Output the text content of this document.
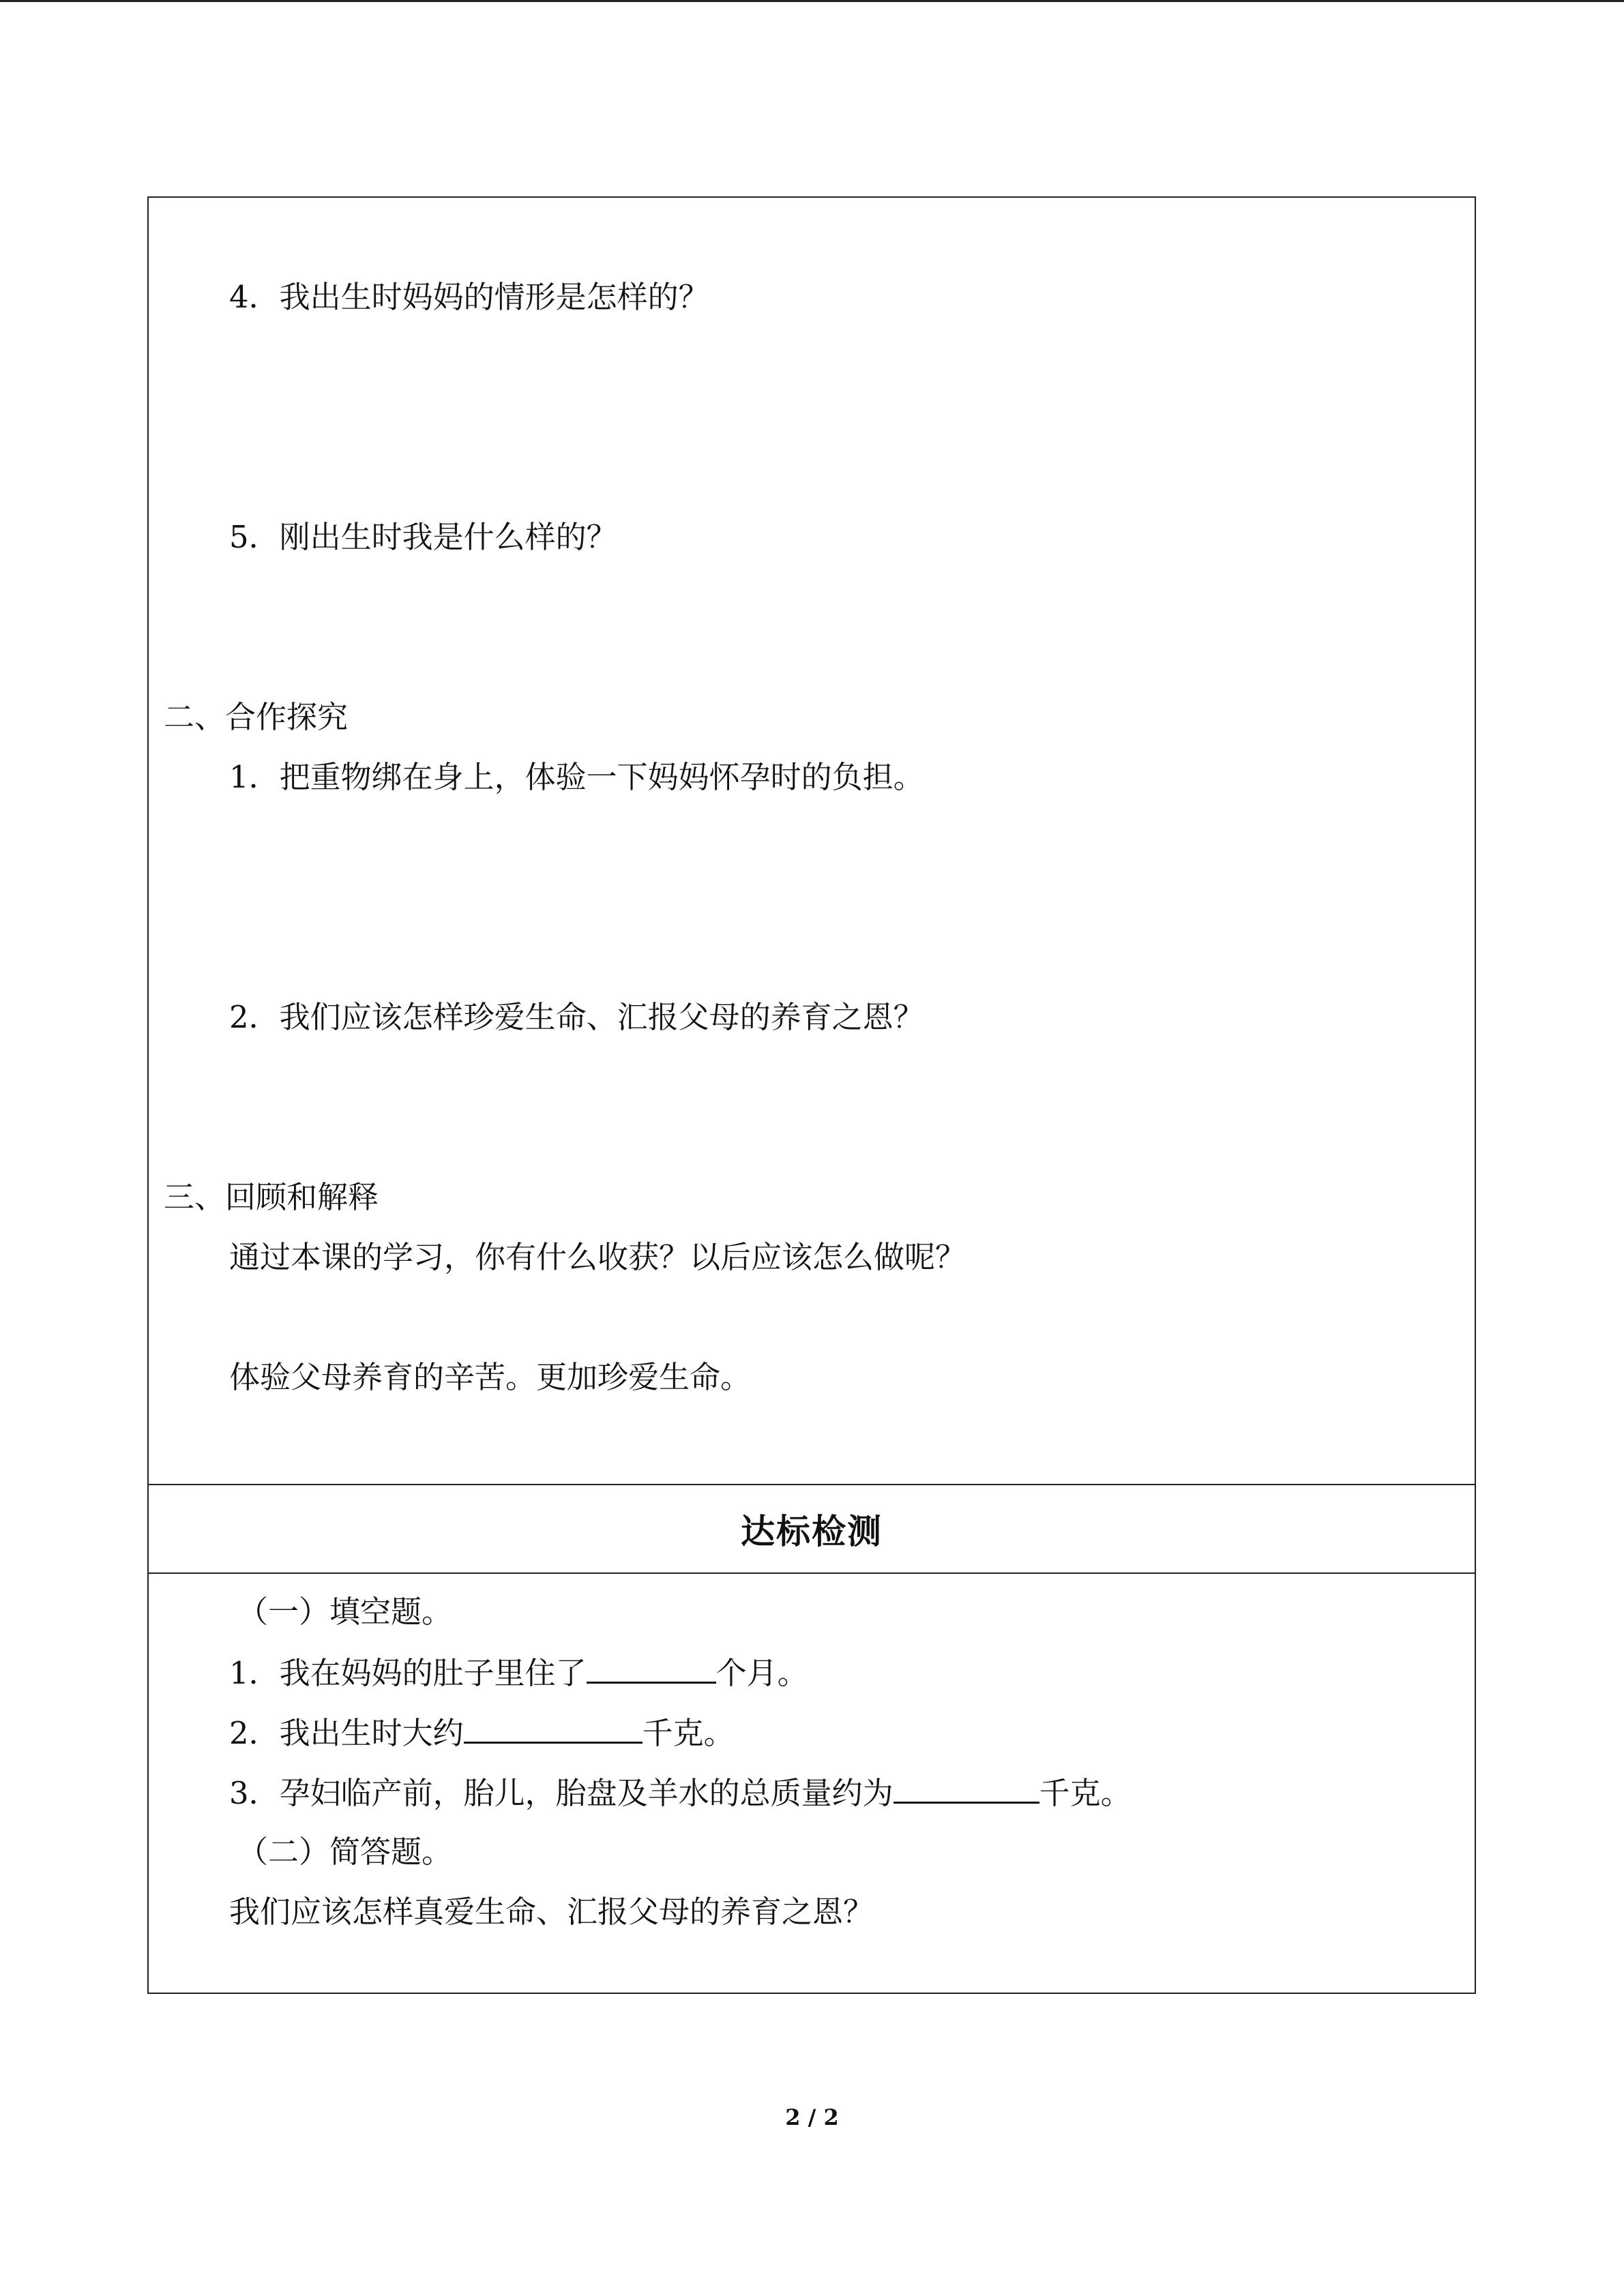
4．我出生时妈妈的情形是怎样的？
5．刚出生时我是什么样的？
二、合作探究
1．把重物绑在身上，体验一下妈妈怀孕时的负担。
2．我们应该怎样珍爱生命、汇报父母的养育之恩？
三、回顾和解释
通过本课的学习，你有什么收获？以后应该怎么做呢？
体验父母养育的辛苦。更加珍爱生命。
达标检测
（一）填空题。
1．我在妈妈的肚子里住了	个月。
2．我出生时大约	千克。
3．孕妇临产前，胎儿，胎盘及羊水的总质量约为	千克。
（二）简答题。
我们应该怎样真爱生命、汇报父母的养育之恩？
2 / 2
